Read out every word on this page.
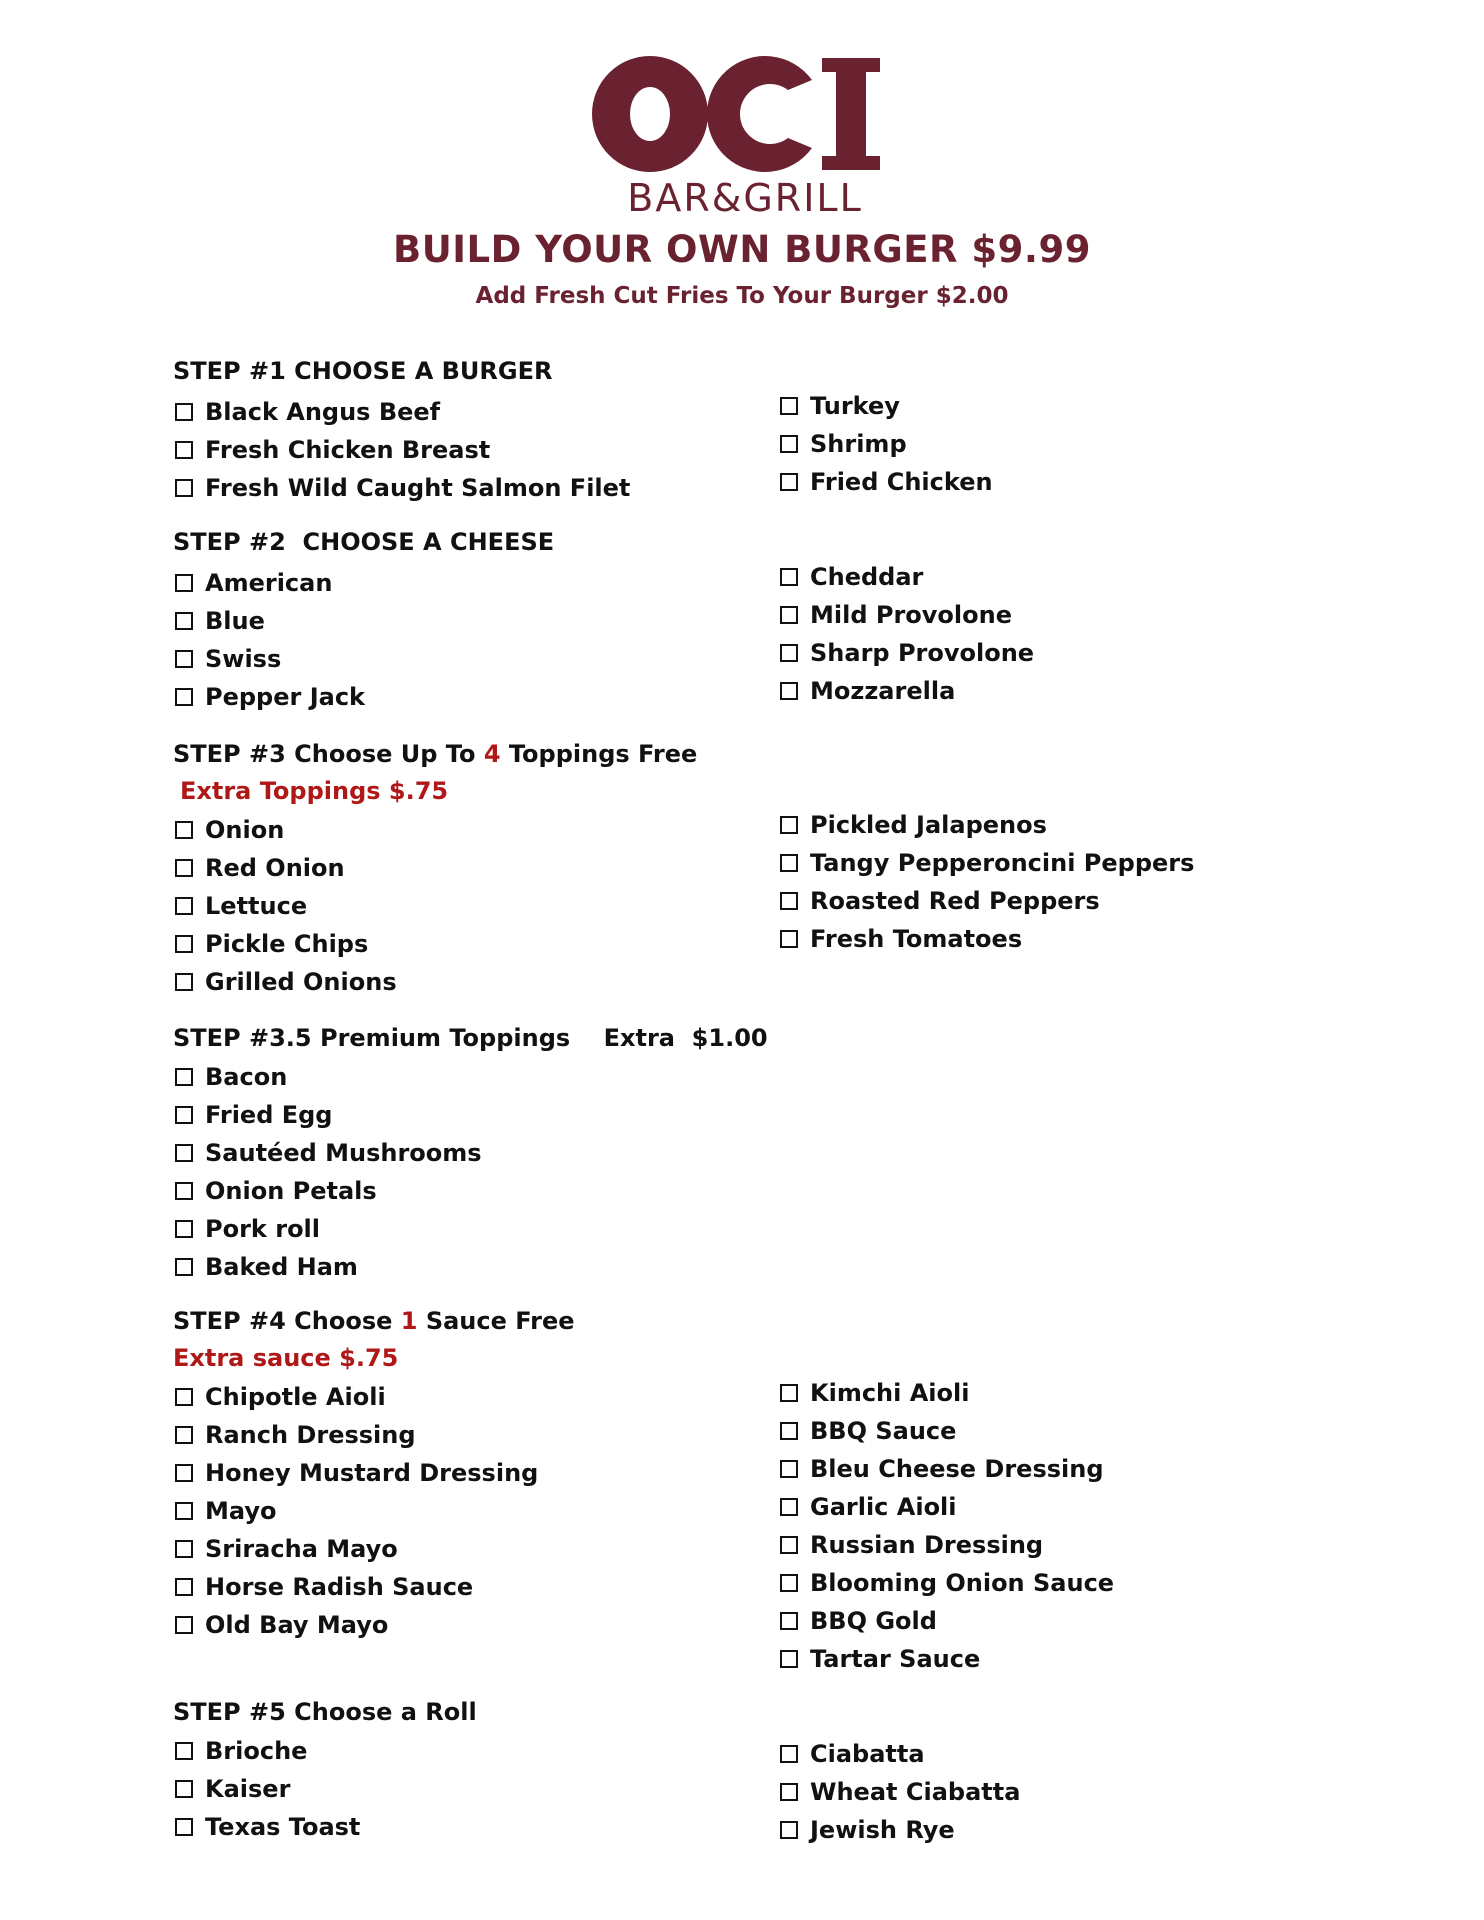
BAR&GRILL
BUILD YOUR OWN BURGER $9.99
Add Fresh Cut Fries To Your Burger $2.00
STEP #1 CHOOSE A BURGER
Black Angus Beef
Fresh Chicken Breast
Fresh Wild Caught Salmon Filet
Turkey
Shrimp
Fried Chicken
STEP #2  CHOOSE A CHEESE
American
Blue
Swiss
Pepper Jack
Cheddar
Mild Provolone
Sharp Provolone
Mozzarella
STEP #3 Choose Up To 4 Toppings Free
Extra Toppings $.75
Onion
Red Onion
Lettuce
Pickle Chips
Grilled Onions
Pickled Jalapenos
Tangy Pepperoncini Peppers
Roasted Red Peppers
Fresh Tomatoes
STEP #3.5 Premium Toppings    Extra  $1.00
Bacon
Fried Egg
Sautéed Mushrooms
Onion Petals
Pork roll
Baked Ham
STEP #4 Choose 1 Sauce Free
Extra sauce $.75
Chipotle Aioli
Ranch Dressing
Honey Mustard Dressing
Mayo
Sriracha Mayo
Horse Radish Sauce
Old Bay Mayo
Kimchi Aioli
BBQ Sauce
Bleu Cheese Dressing
Garlic Aioli
Russian Dressing
Blooming Onion Sauce
BBQ Gold
Tartar Sauce
STEP #5 Choose a Roll
Brioche
Kaiser
Texas Toast
Ciabatta
Wheat Ciabatta
Jewish Rye
